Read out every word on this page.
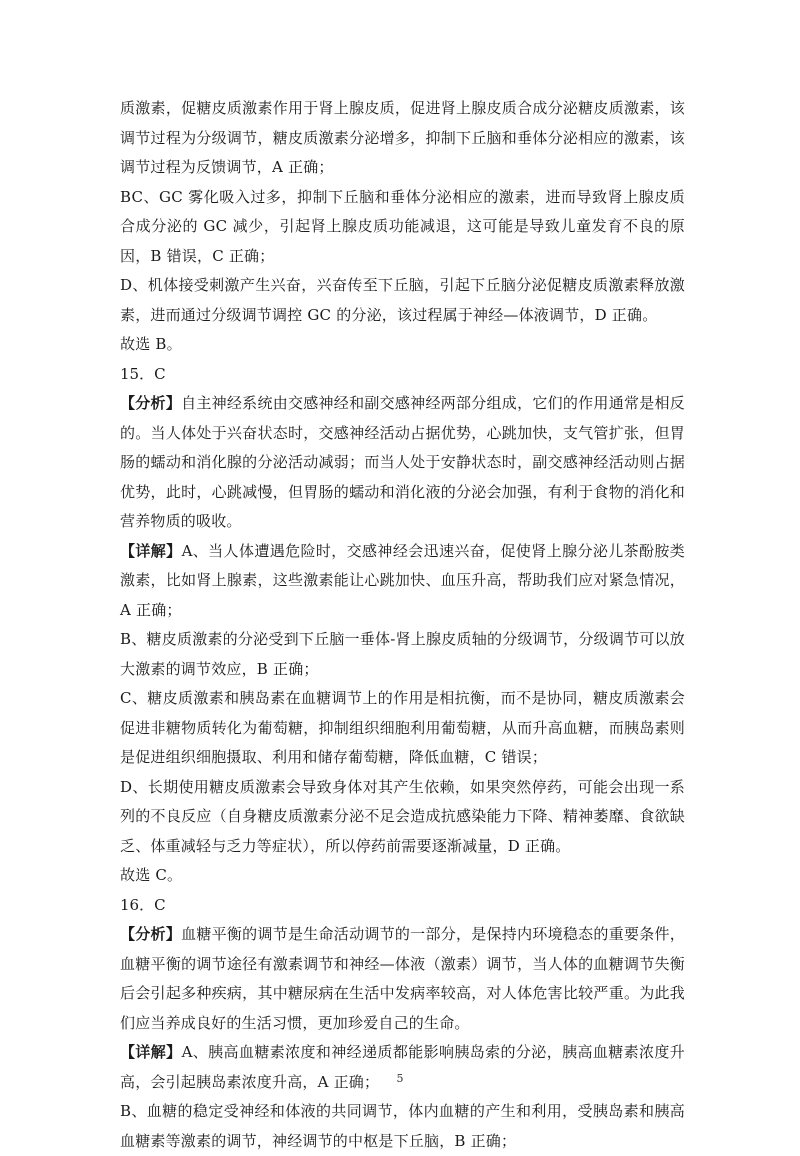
质激素，促糖皮质激素作用于肾上腺皮质，促进肾上腺皮质合成分泌糖皮质激素，该调节过程为分级调节，糖皮质激素分泌增多，抑制下丘脑和垂体分泌相应的激素，该调节过程为反馈调节，A 正确；

BC、GC 雾化吸入过多，抑制下丘脑和垂体分泌相应的激素，进而导致肾上腺皮质合成分泌的 GC 减少，引起肾上腺皮质功能减退，这可能是导致儿童发育不良的原因，B 错误，C 正确；

D、机体接受刺激产生兴奋，兴奋传至下丘脑，引起下丘脑分泌促糖皮质激素释放激素，进而通过分级调节调控 GC 的分泌，该过程属于神经—体液调节，D 正确。

故选 B。

15．C

【分析】自主神经系统由交感神经和副交感神经两部分组成，它们的作用通常是相反的。当人体处于兴奋状态时，交感神经活动占据优势，心跳加快，支气管扩张，但胃肠的蠕动和消化腺的分泌活动减弱；而当人处于安静状态时，副交感神经活动则占据优势，此时，心跳减慢，但胃肠的蠕动和消化液的分泌会加强，有利于食物的消化和营养物质的吸收。

【详解】A、当人体遭遇危险时，交感神经会迅速兴奋，促使肾上腺分泌儿茶酚胺类激素，比如肾上腺素，这些激素能让心跳加快、血压升高，帮助我们应对紧急情况，A 正确；

B、糖皮质激素的分泌受到下丘脑一垂体-肾上腺皮质轴的分级调节，分级调节可以放大激素的调节效应，B 正确；

C、糖皮质激素和胰岛素在血糖调节上的作用是相抗衡，而不是协同，糖皮质激素会促进非糖物质转化为葡萄糖，抑制组织细胞利用葡萄糖，从而升高血糖，而胰岛素则是促进组织细胞摄取、利用和储存葡萄糖，降低血糖，C 错误；

D、长期使用糖皮质激素会导致身体对其产生依赖，如果突然停药，可能会出现一系列的不良反应（自身糖皮质激素分泌不足会造成抗感染能力下降、精神萎靡、食欲缺乏、体重减轻与乏力等症状），所以停药前需要逐渐减量，D 正确。

故选 C。

16．C

【分析】血糖平衡的调节是生命活动调节的一部分，是保持内环境稳态的重要条件，血糖平衡的调节途径有激素调节和神经—体液（激素）调节，当人体的血糖调节失衡后会引起多种疾病，其中糖尿病在生活中发病率较高，对人体危害比较严重。为此我们应当养成良好的生活习惯，更加珍爱自己的生命。

【详解】A、胰高血糖素浓度和神经递质都能影响胰岛索的分泌，胰高血糖素浓度升高，会引起胰岛素浓度升高，A 正确；

B、血糖的稳定受神经和体液的共同调节，体内血糖的产生和利用，受胰岛素和胰高血糖素等激素的调节，神经调节的中枢是下丘脑，B 正确；

5
